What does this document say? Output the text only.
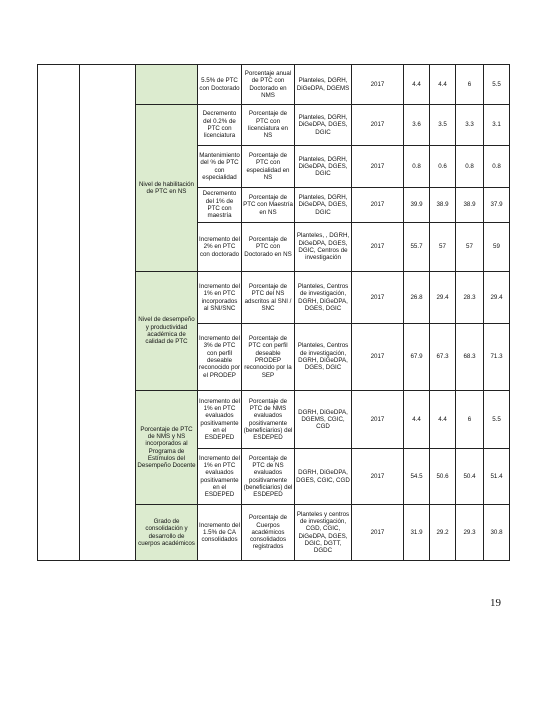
			5.5% de PTC con Doctorado	Porcentaje anual de PTC con Doctorado en NMS	Planteles, DGRH, DiGeDPA, DGEMS	2017	4.4	4.4	6	5.5
		Nivel de habilitación de PTC en NS	Decremento del 0.2% de PTC con licenciatura	Porcentaje de PTC con licenciatura en NS	Planteles, DGRH, DiGeDPA, DGES, DGIC	2017	3.6	3.5	3.3	3.1
			Mantenimiento del % de PTC con especialidad	Porcentaje de PTC con especialidad en NS	Planteles, DGRH, DiGeDPA, DGES, DGIC	2017	0.8	0.6	0.8	0.8
			Decremento del 1% de PTC con maestría	Porcentaje de PTC con Maestría en NS	Planteles, DGRH, DiGeDPA, DGES, DGIC	2017	39.9	38.9	38.9	37.9
			Incremento del 2% en PTC con doctorado	Porcentaje de PTC con Doctorado en NS	Planteles, , DGRH, DiGeDPA, DGES, DGIC, Centros de investigación	2017	55.7	57	57	59
		Nivel de desempeño y productividad académica de calidad de PTC	Incremento del 1% en PTC incorporados al SNI/SNC	Porcentaje de PTC del NS adscritos al SNI / SNC	Planteles, Centros de investigación, DGRH, DiGeDPA, DGES, DGIC	2017	26.8	29.4	28.3	29.4
			Incremento del 3% de PTC con perfil deseable reconocido por el PRODEP	Porcentaje de PTC con perfil deseable PRODEP reconocido por la SEP	Planteles, Centros de investigación, DGRH, DiGeDPA, DGES, DGIC	2017	67.9	67.3	68.3	71.3
		Porcentaje de PTC de NMS y NS incorporados al Programa de Estímulos del Desempeño Docente	Incremento del 1% en PTC evaluados positivamente en el ESDEPED	Porcentaje de PTC de NMS evaluados positivamente (beneficiarios) del ESDEPED	DGRH, DiGeDPA, DGEMS, CGIC, CGD	2017	4.4	4.4	6	5.5
			Incremento del 1% en PTC evaluados positivamente en el ESDEPED	Porcentaje de PTC de NS evaluados positivamente (beneficiarios) del ESDEPED	DGRH, DiGeDPA, DGES, CGIC, CGD	2017	54.5	50.6	50.4	51.4
		Grado de consolidación y desarrollo de cuerpos académicos	Incremento del 1.5% de CA consolidados	Porcentaje de Cuerpos académicos consolidados registrados	Planteles y centros de investigación, CGD, CGIC, DiGeDPA, DGES, DGIC, DGTT, DGDC	2017	31.9	29.2	29.3	30.8
19
